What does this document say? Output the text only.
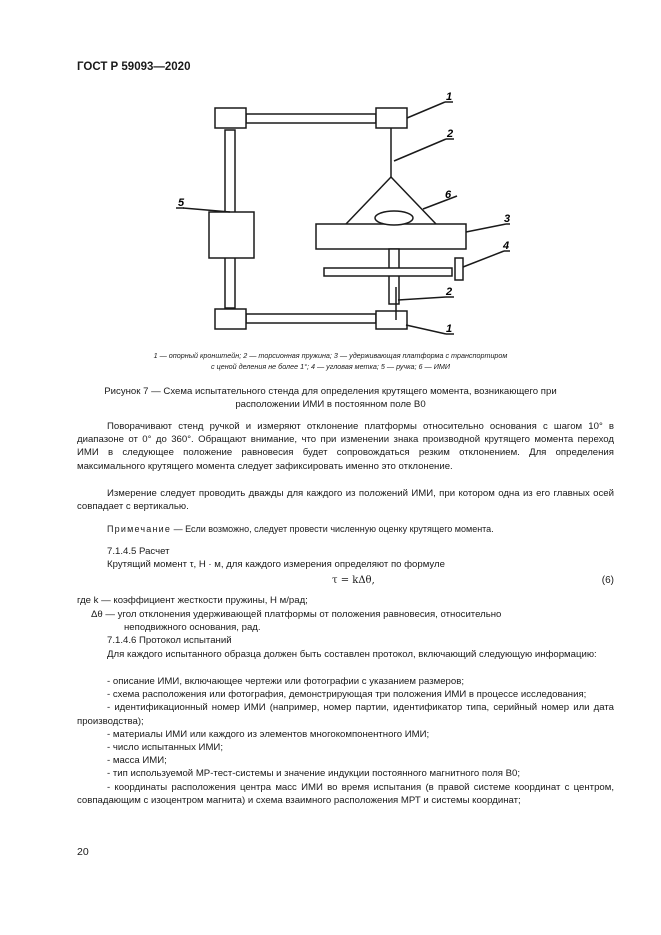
ГОСТ Р 59093—2020
1
2
6
3
4
5
2
1
1 — опорный кронштейн; 2 — торсионная пружина; 3 — удерживающая платформа с транспортиром
с ценой деления не более 1°; 4 — угловая метка; 5 — ручка; 6 — ИМИ
Рисунок 7 — Схема испытательного стенда для определения крутящего момента, возникающего при
расположении ИМИ в постоянном поле B0
Поворачивают стенд ручкой и измеряют отклонение платформы относительно основания с шагом 10° в диапазоне от 0° до 360°. Обращают внимание, что при изменении знака производной крутящего момента переход ИМИ в следующее положение равновесия будет сопровождаться резким отклонением. Для определения максимального крутящего момента следует зафиксировать именно это отклонение.
Измерение следует проводить дважды для каждого из положений ИМИ, при котором одна из его главных осей совпадает с вертикалью.
Примечание — Если возможно, следует провести численную оценку крутящего момента.
7.1.4.5 Расчет
Крутящий момент τ, Н · м, для каждого измерения определяют по формуле
τ = kΔθ,	(6)
где k — коэффициент жесткости пружины, Н м/рад;
Δθ — угол отклонения удерживающей платформы от положения равновесия, относительно
неподвижного основания, рад.
7.1.4.6 Протокол испытаний
Для каждого испытанного образца должен быть составлен протокол, включающий следующую информацию:
- описание ИМИ, включающее чертежи или фотографии с указанием размеров;
- схема расположения или фотография, демонстрирующая три положения ИМИ в процессе исследования;
- идентификационный номер ИМИ (например, номер партии, идентификатор типа, серийный номер или дата производства);
- материалы ИМИ или каждого из элементов многокомпонентного ИМИ;
- число испытанных ИМИ;
- масса ИМИ;
- тип используемой МР-тест-системы и значение индукции постоянного магнитного поля B0;
- координаты расположения центра масс ИМИ во время испытания (в правой системе координат с центром, совпадающим с изоцентром магнита) и схема взаимного расположения МРТ и системы координат;
20
